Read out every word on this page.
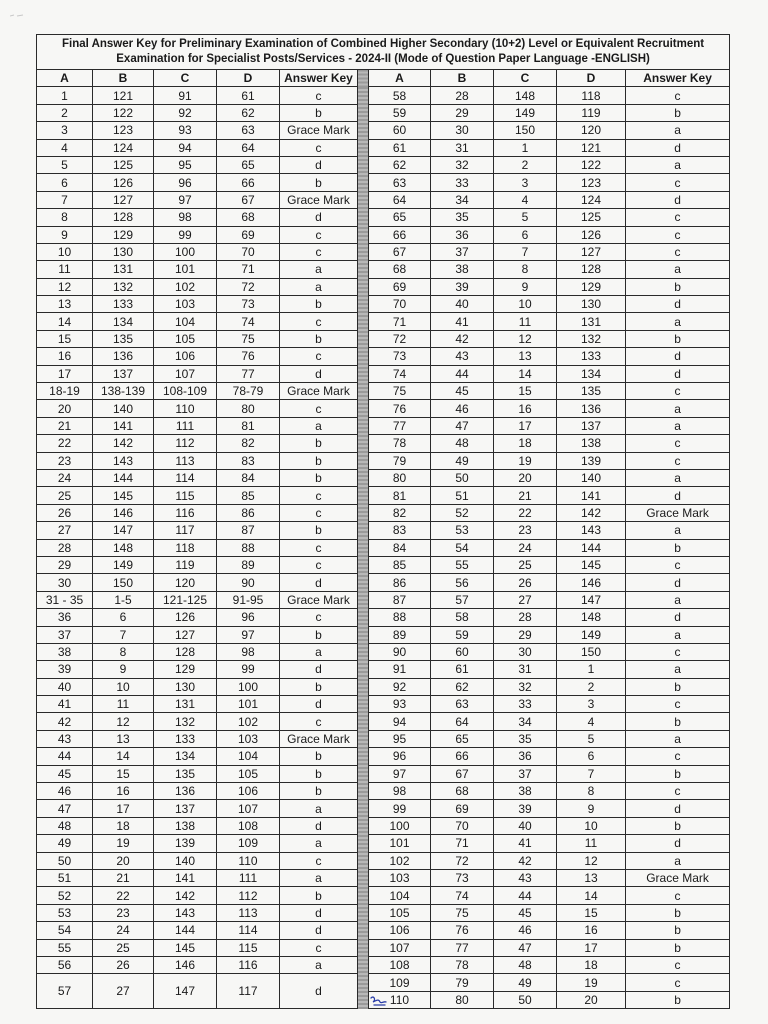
Final Answer Key for Preliminary Examination of Combined Higher Secondary (10+2) Level or Equivalent Recruitment Examination for Specialist Posts/Services - 2024-II (Mode of Question Paper Language -ENGLISH)										
A	B	C	D	Answer Key		A	B	C	D	Answer Key
1	121	91	61	c		58	28	148	118	c
2	122	92	62	b		59	29	149	119	b
3	123	93	63	Grace Mark		60	30	150	120	a
4	124	94	64	c		61	31	1	121	d
5	125	95	65	d		62	32	2	122	a
6	126	96	66	b		63	33	3	123	c
7	127	97	67	Grace Mark		64	34	4	124	d
8	128	98	68	d		65	35	5	125	c
9	129	99	69	c		66	36	6	126	c
10	130	100	70	c		67	37	7	127	c
11	131	101	71	a		68	38	8	128	a
12	132	102	72	a		69	39	9	129	b
13	133	103	73	b		70	40	10	130	d
14	134	104	74	c		71	41	11	131	a
15	135	105	75	b		72	42	12	132	b
16	136	106	76	c		73	43	13	133	d
17	137	107	77	d		74	44	14	134	d
18-19	138-139	108-109	78-79	Grace Mark		75	45	15	135	c
20	140	110	80	c		76	46	16	136	a
21	141	111	81	a		77	47	17	137	a
22	142	112	82	b		78	48	18	138	c
23	143	113	83	b		79	49	19	139	c
24	144	114	84	b		80	50	20	140	a
25	145	115	85	c		81	51	21	141	d
26	146	116	86	c		82	52	22	142	Grace Mark
27	147	117	87	b		83	53	23	143	a
28	148	118	88	c		84	54	24	144	b
29	149	119	89	c		85	55	25	145	c
30	150	120	90	d		86	56	26	146	d
31 - 35	1-5	121-125	91-95	Grace Mark		87	57	27	147	a
36	6	126	96	c		88	58	28	148	d
37	7	127	97	b		89	59	29	149	a
38	8	128	98	a		90	60	30	150	c
39	9	129	99	d		91	61	31	1	a
40	10	130	100	b		92	62	32	2	b
41	11	131	101	d		93	63	33	3	c
42	12	132	102	c		94	64	34	4	b
43	13	133	103	Grace Mark		95	65	35	5	a
44	14	134	104	b		96	66	36	6	c
45	15	135	105	b		97	67	37	7	b
46	16	136	106	b		98	68	38	8	c
47	17	137	107	a		99	69	39	9	d
48	18	138	108	d		100	70	40	10	b
49	19	139	109	a		101	71	41	11	d
50	20	140	110	c		102	72	42	12	a
51	21	141	111	a		103	73	43	13	Grace Mark
52	22	142	112	b		104	74	44	14	c
53	23	143	113	d		105	75	45	15	b
54	24	144	114	d		106	76	46	16	b
55	25	145	115	c		107	77	47	17	b
56	26	146	116	a		108	78	48	18	c
57	27	147	117	d		109	79	49	19	c
						110	80	50	20	b
